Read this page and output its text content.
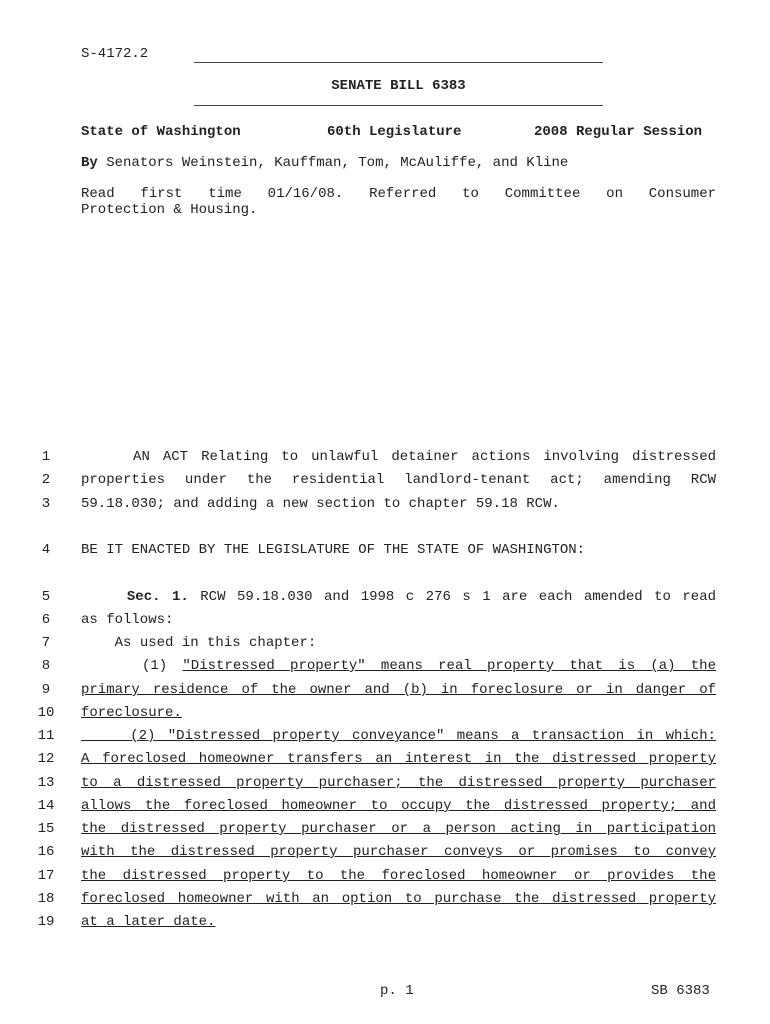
S-4172.2
SENATE BILL 6383
State of Washington	60th Legislature	2008 Regular Session
By Senators Weinstein, Kauffman, Tom, McAuliffe, and Kline
Read first time 01/16/08. Referred to Committee on Consumer
Protection & Housing.
1	AN ACT Relating to unlawful detainer actions involving distressed
2	properties under the residential landlord-tenant act; amending RCW
3	59.18.030; and adding a new section to chapter 59.18 RCW.
4	BE IT ENACTED BY THE LEGISLATURE OF THE STATE OF WASHINGTON:
5	Sec. 1. RCW 59.18.030 and 1998 c 276 s 1 are each amended to read
6	as follows:
7	As used in this chapter:
8	(1) "Distressed property" means real property that is (a) the
9	primary residence of the owner and (b) in foreclosure or in danger of
10 foreclosure.
11	(2) "Distressed property conveyance" means a transaction in which:
12 A foreclosed homeowner transfers an interest in the distressed property
13 to a distressed property purchaser; the distressed property purchaser
14 allows the foreclosed homeowner to occupy the distressed property; and
15 the distressed property purchaser or a person acting in participation
16 with the distressed property purchaser conveys or promises to convey
17 the distressed property to the foreclosed homeowner or provides the
18 foreclosed homeowner with an option to purchase the distressed property
19 at a later date.
p. 1	SB 6383
